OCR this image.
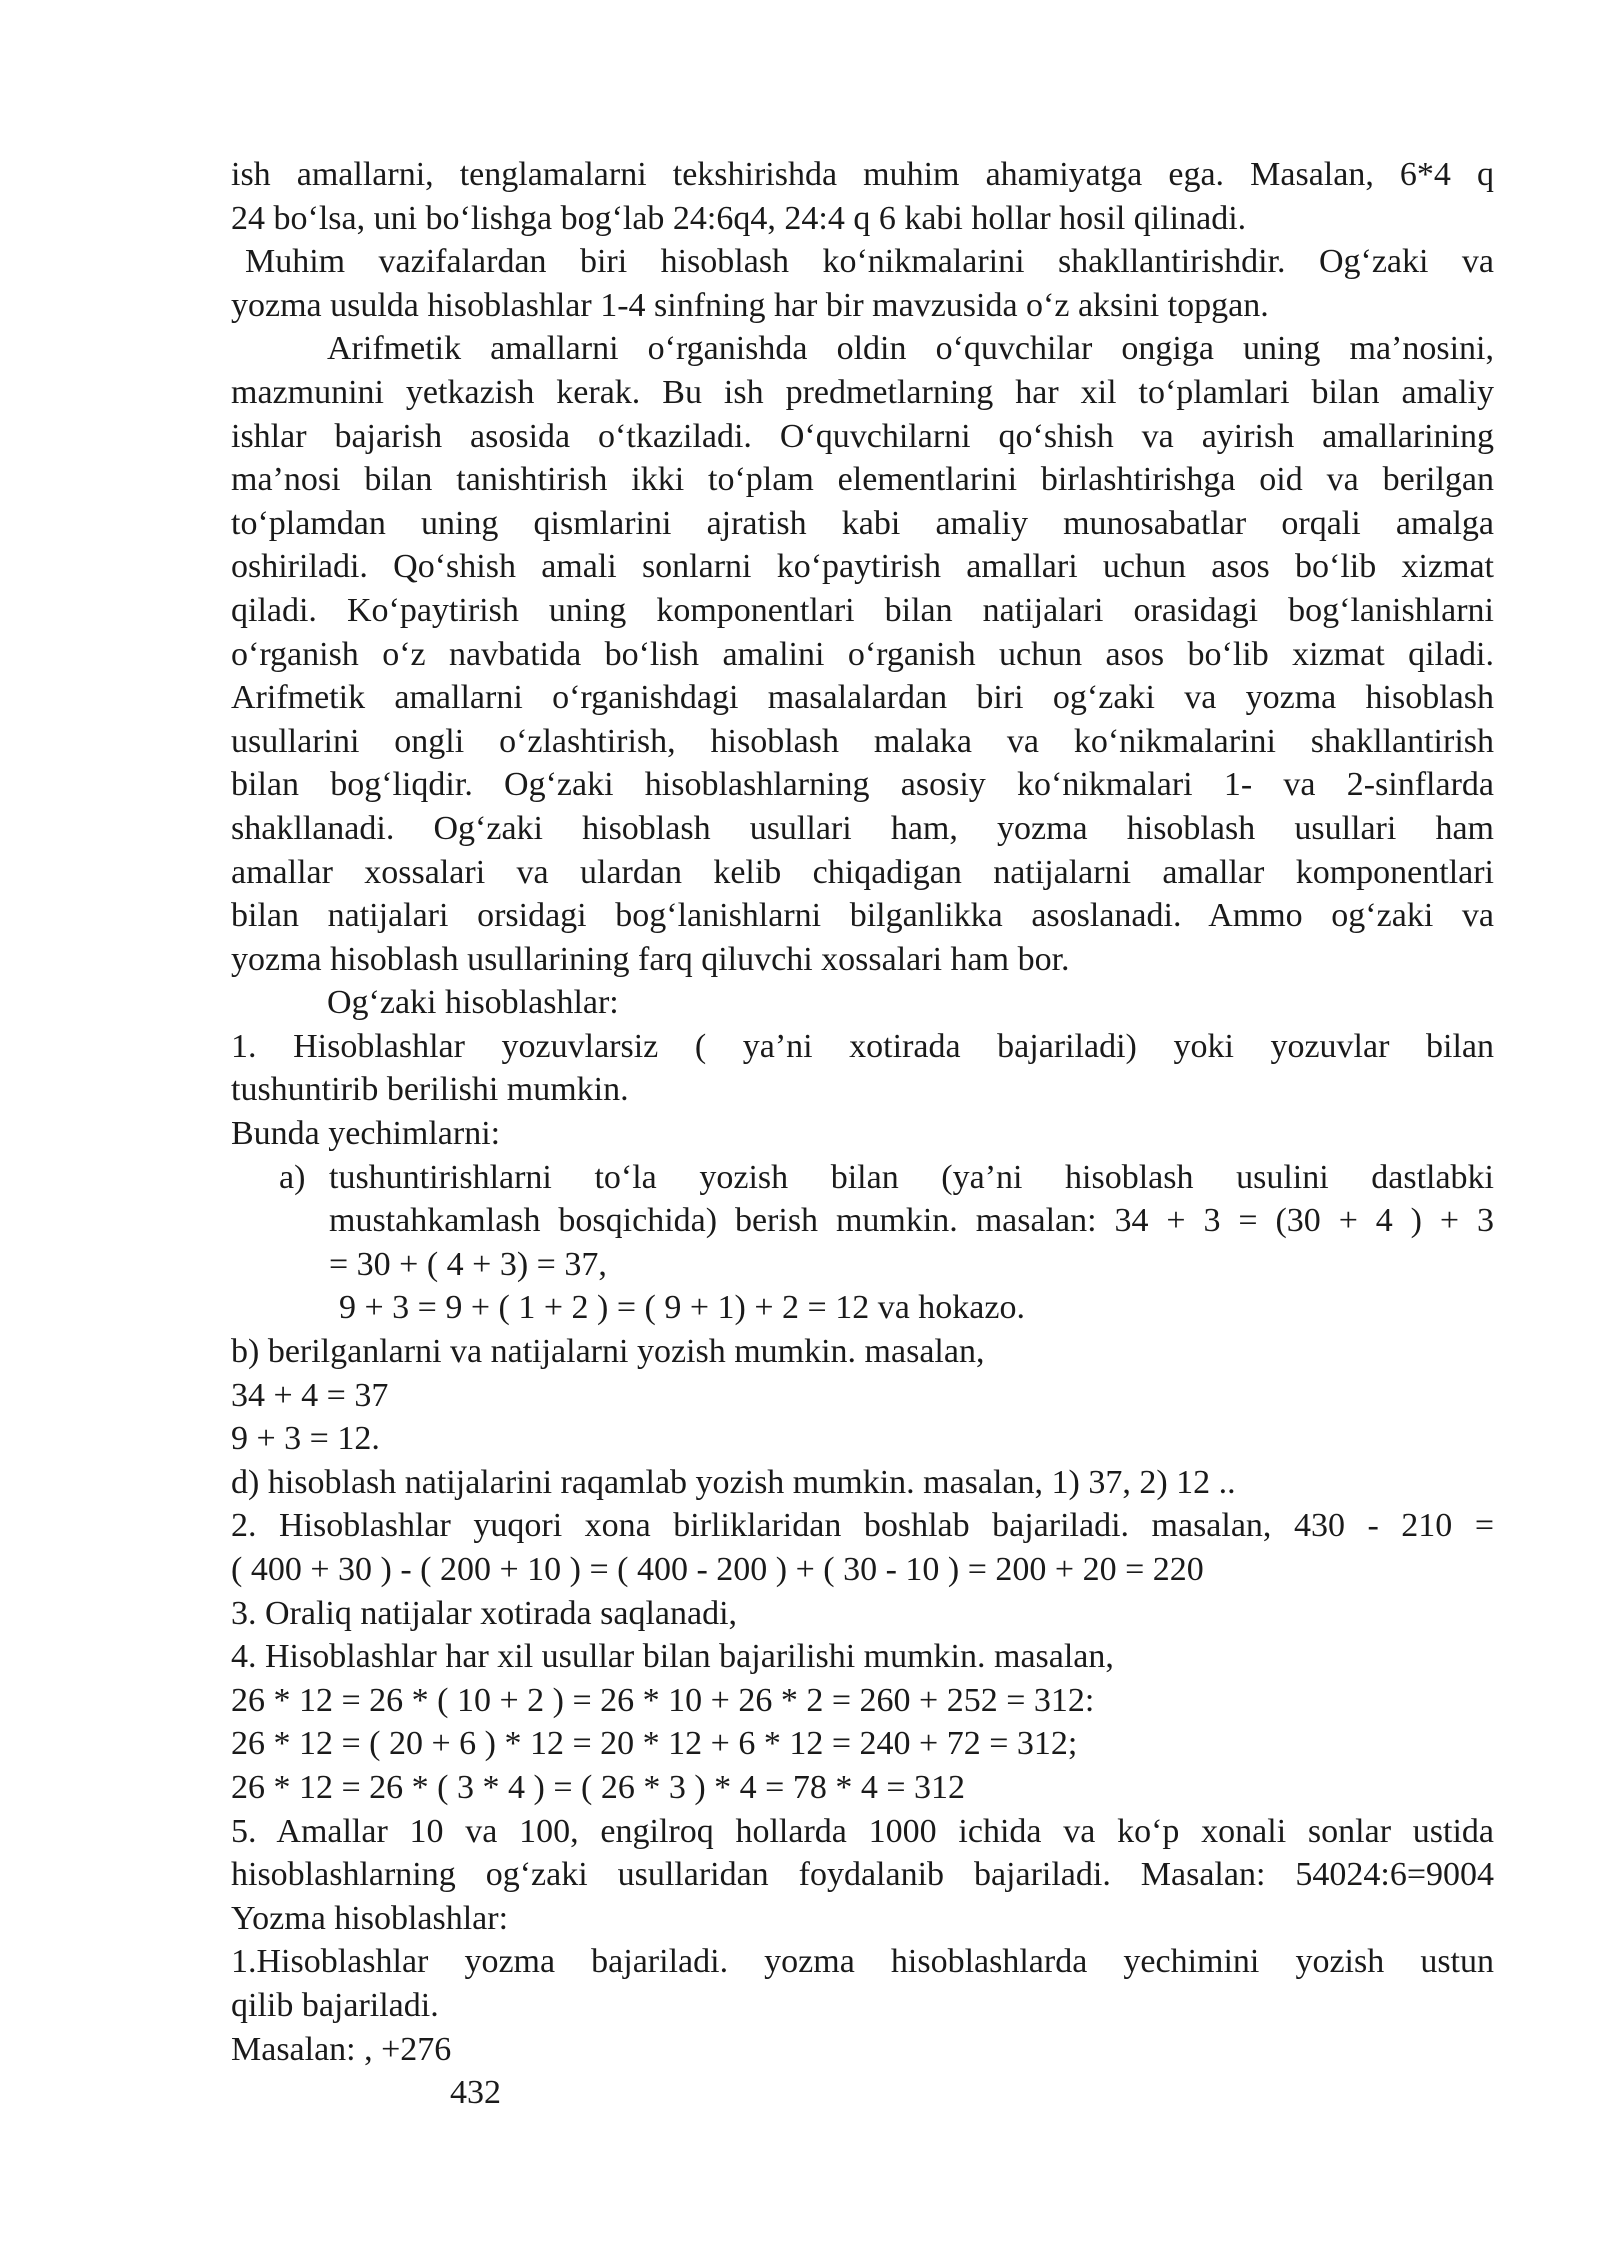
ish amallarni, tenglamalarni tekshirishda muhim ahamiyatga ega. Masalan, 6*4 q
24 bo‘lsa, uni bo‘lishga bog‘lab 24:6q4, 24:4 q 6 kabi hollar hosil qilinadi.
Muhim vazifalardan biri hisoblash ko‘nikmalarini shakllantirishdir. Og‘zaki va
yozma usulda hisoblashlar 1-4 sinfning har bir mavzusida o‘z aksini topgan.
Arifmetik amallarni o‘rganishda oldin o‘quvchilar ongiga uning ma’nosini,
mazmunini yetkazish kerak. Bu ish predmetlarning har xil to‘plamlari bilan amaliy
ishlar bajarish asosida o‘tkaziladi. O‘quvchilarni qo‘shish va ayirish amallarining
ma’nosi bilan tanishtirish ikki to‘plam elementlarini birlashtirishga oid va berilgan
to‘plamdan uning qismlarini ajratish kabi amaliy munosabatlar orqali amalga
oshiriladi. Qo‘shish amali sonlarni ko‘paytirish amallari uchun asos bo‘lib xizmat
qiladi. Ko‘paytirish uning komponentlari bilan natijalari orasidagi bog‘lanishlarni
o‘rganish o‘z navbatida bo‘lish amalini o‘rganish uchun asos bo‘lib xizmat qiladi.
Arifmetik amallarni o‘rganishdagi masalalardan biri og‘zaki va yozma hisoblash
usullarini ongli o‘zlashtirish, hisoblash malaka va ko‘nikmalarini shakllantirish
bilan bog‘liqdir. Og‘zaki hisoblashlarning asosiy ko‘nikmalari 1- va 2-sinflarda
shakllanadi. Og‘zaki hisoblash usullari ham, yozma hisoblash usullari ham
amallar xossalari va ulardan kelib chiqadigan natijalarni amallar komponentlari
bilan natijalari orsidagi bog‘lanishlarni bilganlikka asoslanadi. Ammo og‘zaki va
yozma hisoblash usullarining farq qiluvchi xossalari ham bor.
Og‘zaki hisoblashlar:
1. Hisoblashlar yozuvlarsiz ( ya’ni xotirada bajariladi) yoki yozuvlar bilan
tushuntirib berilishi mumkin.
Bunda yechimlarni:
a) tushuntirishlarni to‘la yozish bilan (ya’ni hisoblash usulini dastlabki
mustahkamlash bosqichida) berish mumkin. masalan: 34 + 3 = (30 + 4 ) + 3
= 30 + ( 4 + 3) = 37,
9 + 3 = 9 + ( 1 + 2 ) = ( 9 + 1) + 2 = 12 va hokazo.
b) berilganlarni va natijalarni yozish mumkin. masalan,
34 + 4 = 37
9 + 3 = 12.
d) hisoblash natijalarini raqamlab yozish mumkin. masalan, 1) 37, 2) 12 ..
2. Hisoblashlar yuqori xona birliklaridan boshlab bajariladi. masalan, 430 - 210 =
( 400 + 30 ) - ( 200 + 10 ) = ( 400 - 200 ) + ( 30 - 10 ) = 200 + 20 = 220
3. Oraliq natijalar xotirada saqlanadi,
4. Hisoblashlar har xil usullar bilan bajarilishi mumkin. masalan,
26 * 12 = 26 * ( 10 + 2 ) = 26 * 10 + 26 * 2 = 260 + 252 = 312:
26 * 12 = ( 20 + 6 ) * 12 = 20 * 12 + 6 * 12 = 240 + 72 = 312;
26 * 12 = 26 * ( 3 * 4 ) = ( 26 * 3 ) * 4 = 78 * 4 = 312
5. Amallar 10 va 100, engilroq hollarda 1000 ichida va ko‘p xonali sonlar ustida
hisoblashlarning og‘zaki usullaridan foydalanib bajariladi. Masalan: 54024:6=9004
Yozma hisoblashlar:
1.Hisoblashlar yozma bajariladi. yozma hisoblashlarda yechimini yozish ustun
qilib bajariladi.
Masalan: , +276
432
